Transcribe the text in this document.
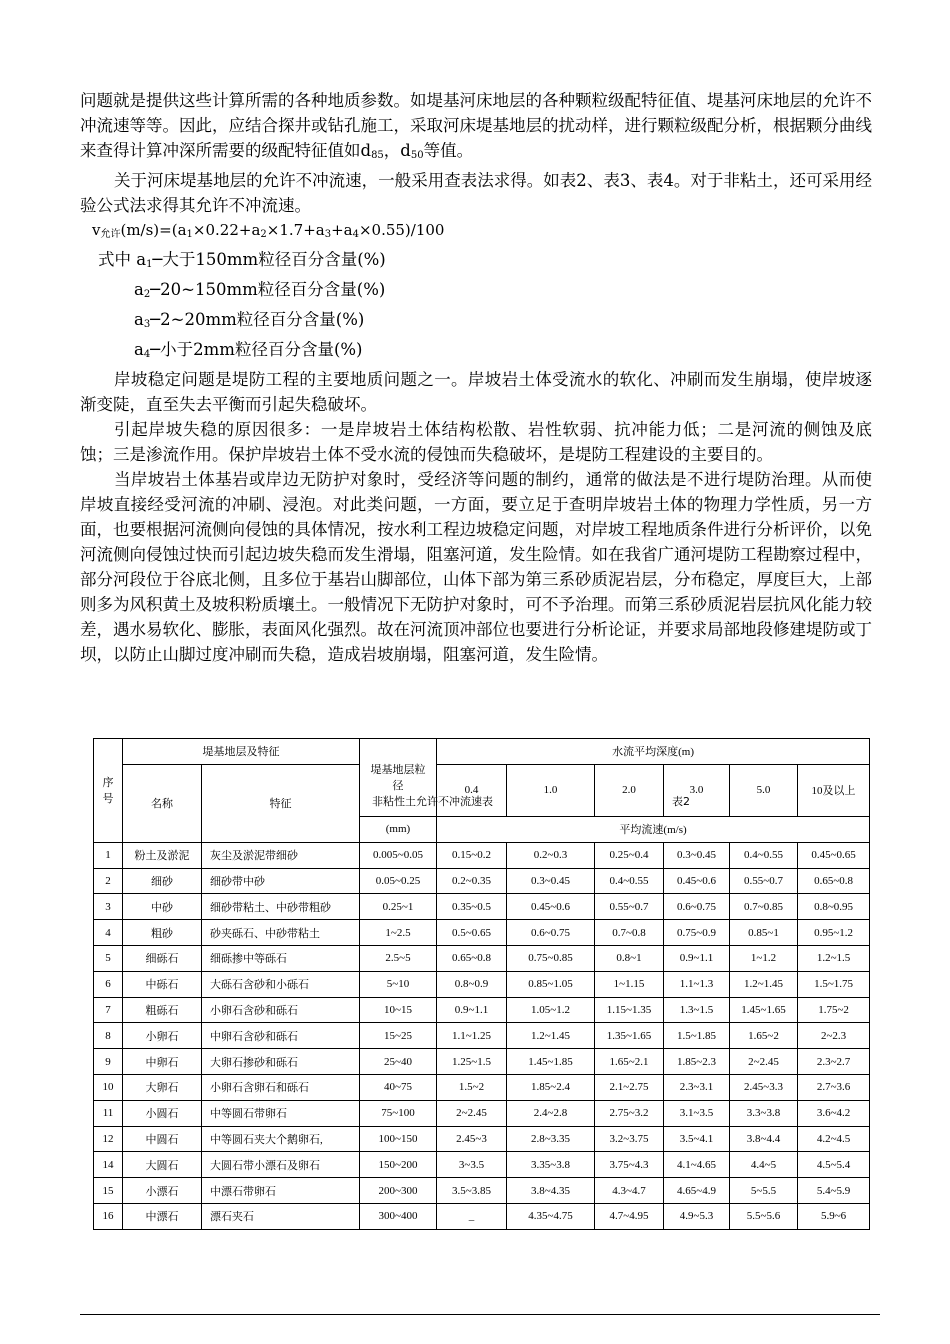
问题就是提供这些计算所需的各种地质参数。如堤基河床地层的各种颗粒级配特征值、堤基河床地层的允许不冲流速等等。因此，应结合探井或钻孔施工，采取河床堤基地层的扰动样，进行颗粒级配分析，根据颗分曲线来查得计算冲深所需要的级配特征值如$d_{85}$，$d_{50}$等值。

关于河床堤基地层的允许不冲流速，一般采用查表法求得。如表2、表3、表4。对于非粘土，还可采用经验公式法求得其允许不冲流速。

$v_{允许}(m/s)=(a_1\times 0.22+a_2\times 1.7+a_3+a_4\times 0.55)/100$

式中 $a_1─$大于150mm粒径百分含量(%)

$a_2─20\sim 150mm$粒径百分含量(%)

$a_3─2\sim 20mm$粒径百分含量(%)

$a_4─$小于2mm粒径百分含量(%)

岸坡稳定问题是堤防工程的主要地质问题之一。岸坡岩土体受流水的软化、冲刷而发生崩塌，使岸坡逐渐变陡，直至失去平衡而引起失稳破坏。

引起岸坡失稳的原因很多：一是岸坡岩土体结构松散、岩性软弱、抗冲能力低；二是河流的侧蚀及底蚀；三是渗流作用。保护岸坡岩土体不受水流的侵蚀而失稳破坏，是堤防工程建设的主要目的。

当岸坡岩土体基岩或岸边无防护对象时，受经济等问题的制约，通常的做法是不进行堤防治理。从而使岸坡直接经受河流的冲刷、浸泡。对此类问题，一方面，要立足于查明岸坡岩土体的物理力学性质，另一方面，也要根据河流侧向侵蚀的具体情况，按水利工程边坡稳定问题，对岸坡工程地质条件进行分析评价，以免河流侧向侵蚀过快而引起边坡失稳而发生滑塌，阻塞河道，发生险情。如在我省广通河堤防工程勘察过程中，部分河段位于谷底北侧，且多位于基岩山脚部位，山体下部为第三系砂质泥岩层，分布稳定，厚度巨大，上部则多为风积黄土及坡积粉质壤土。一般情况下无防护对象时，可不予治理。而第三系砂质泥岩层抗风化能力较差，遇水易软化、膨胀，表面风化强烈。故在河流顶冲部位也要进行分析论证，并要求局部地段修建堤防或丁坝，以防止山脚过度冲刷而失稳，造成岩坡崩塌，阻塞河道，发生险情。

非粘性土允许不冲流速表	表2
序号	堤基地层及特征		堤基地层粒径	水流平均深度(m)					
	名称	特征		0.4	1.0	2.0	3.0	5.0	10及以上
			(mm)	平均流速(m/s)					
1	粉土及淤泥	灰尘及淤泥带细砂	0.005~0.05	0.15~0.2	0.2~0.3	0.25~0.4	0.3~0.45	0.4~0.55	0.45~0.65
2	细砂	细砂带中砂	0.05~0.25	0.2~0.35	0.3~0.45	0.4~0.55	0.45~0.6	0.55~0.7	0.65~0.8
3	中砂	细砂带粘土、中砂带粗砂	0.25~1	0.35~0.5	0.45~0.6	0.55~0.7	0.6~0.75	0.7~0.85	0.8~0.95
4	粗砂	砂夹砾石、中砂带粘土	1~2.5	0.5~0.65	0.6~0.75	0.7~0.8	0.75~0.9	0.85~1	0.95~1.2
5	细砾石	细砾掺中等砾石	2.5~5	0.65~0.8	0.75~0.85	0.8~1	0.9~1.1	1~1.2	1.2~1.5
6	中砾石	大砾石含砂和小砾石	5~10	0.8~0.9	0.85~1.05	1~1.15	1.1~1.3	1.2~1.45	1.5~1.75
7	粗砾石	小卵石含砂和砾石	10~15	0.9~1.1	1.05~1.2	1.15~1.35	1.3~1.5	1.45~1.65	1.75~2
8	小卵石	中卵石含砂和砾石	15~25	1.1~1.25	1.2~1.45	1.35~1.65	1.5~1.85	1.65~2	2~2.3
9	中卵石	大卵石掺砂和砾石	25~40	1.25~1.5	1.45~1.85	1.65~2.1	1.85~2.3	2~2.45	2.3~2.7
10	大卵石	小卵石含卵石和砾石	40~75	1.5~2	1.85~2.4	2.1~2.75	2.3~3.1	2.45~3.3	2.7~3.6
11	小圆石	中等圆石带卵石	75~100	2~2.45	2.4~2.8	2.75~3.2	3.1~3.5	3.3~3.8	3.6~4.2
12	中圆石	中等圆石夹大个鹅卵石,	100~150	2.45~3	2.8~3.35	3.2~3.75	3.5~4.1	3.8~4.4	4.2~4.5
14	大圆石	大圆石带小漂石及卵石	150~200	3~3.5	3.35~3.8	3.75~4.3	4.1~4.65	4.4~5	4.5~5.4
15	小漂石	中漂石带卵石	200~300	3.5~3.85	3.8~4.35	4.3~4.7	4.65~4.9	5~5.5	5.4~5.9
16	中漂石	漂石夹石	300~400	_	4.35~4.75	4.7~4.95	4.9~5.3	5.5~5.6	5.9~6
